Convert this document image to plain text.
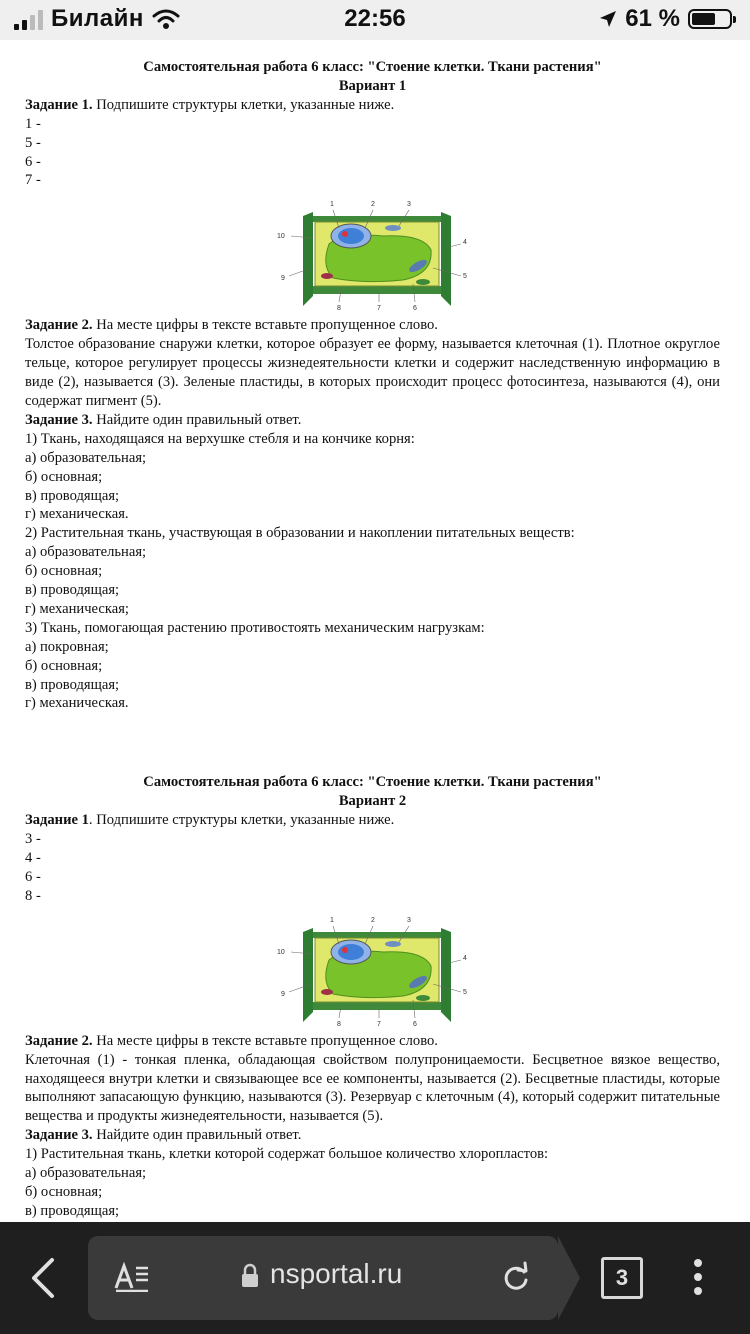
Билайн	22:56	61 %
Самостоятельная работа 6 класс: "Стоение клетки. Ткани растения"
Вариант 1
Задание 1. Подпишите структуры клетки, указанные ниже.
1 -
5 -
6 -
7 -
1	2	3
4
5
6
7
8
9
10
Задание 2. На месте цифры в тексте вставьте пропущенное слово.
Толстое образование снаружи клетки, которое образует ее форму, называется клеточная (1). Плотное округлое тельце, которое регулирует процессы жизнедеятельности клетки и содержит наследственную информацию в виде (2), называется (3). Зеленые пластиды, в которых происходит процесс фотосинтеза, называются (4), они содержат пигмент (5).
Задание 3. Найдите один правильный ответ.
1) Ткань, находящаяся на верхушке стебля и на кончике корня:
а) образовательная;
б) основная;
в) проводящая;
г) механическая.
2) Растительная ткань, участвующая в образовании и накоплении питательных веществ:
а) образовательная;
б) основная;
в) проводящая;
г) механическая;
3) Ткань, помогающая растению противостоять механическим нагрузкам:
а) покровная;
б) основная;
в) проводящая;
г) механическая.
Самостоятельная работа 6 класс: "Стоение клетки. Ткани растения"
Вариант 2
Задание 1. Подпишите структуры клетки, указанные ниже.
3 -
4 -
6 -
8 -
1	2	3
4
5
6
7
8
9
10
Задание 2. На месте цифры в тексте вставьте пропущенное слово.
Клеточная (1) - тонкая пленка, обладающая свойством полупроницаемости. Бесцветное вязкое вещество, находящееся внутри клетки и связывающее все ее компоненты, называется (2). Бесцветные пластиды, которые выполняют запасающую функцию, называются (3). Резервуар с клеточным (4), который содержит питательные вещества и продукты жизнедеятельности, называется (5).
Задание 3. Найдите один правильный ответ.
1) Растительная ткань, клетки которой содержат большое количество хлоропластов:
а) образовательная;
б) основная;
в) проводящая;
nsportal.ru	3
